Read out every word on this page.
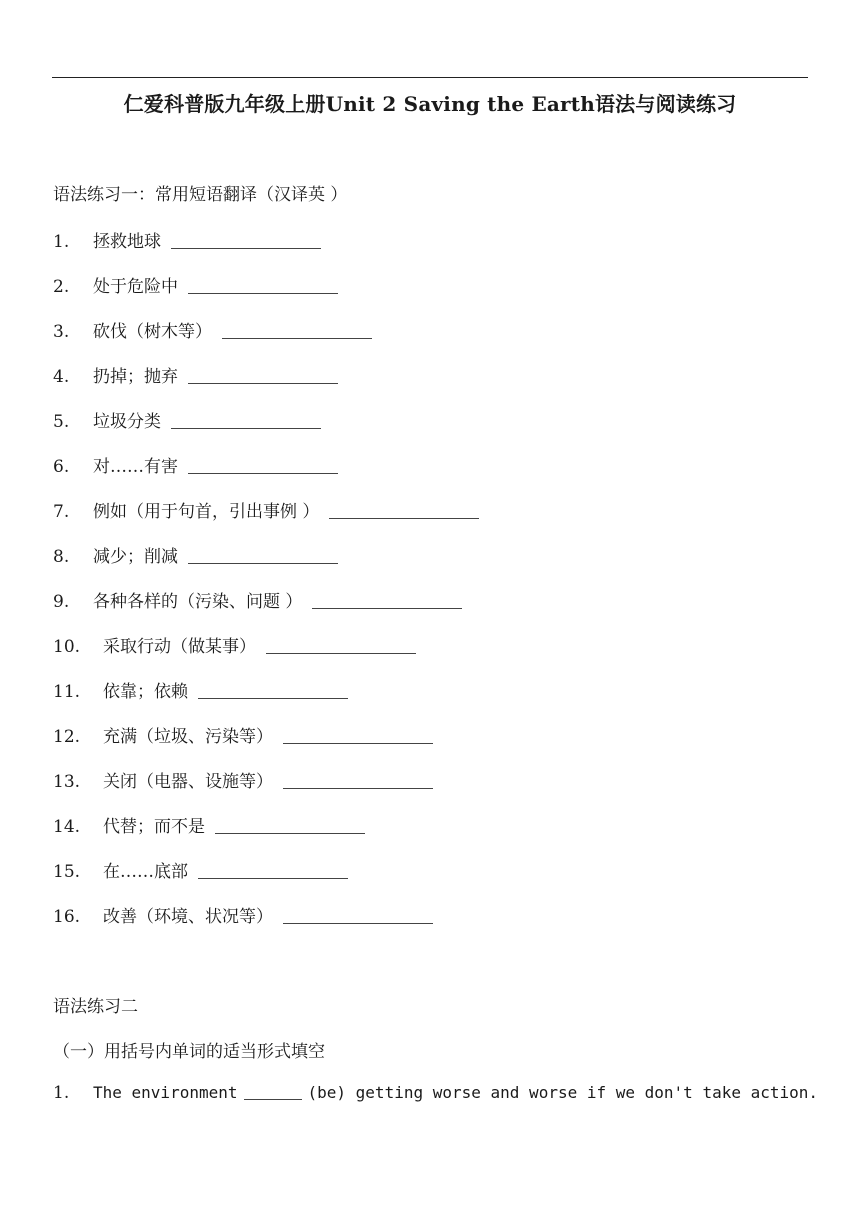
仁爱科普版九年级上册Unit 2 Saving the Earth语法与阅读练习
语法练习一：常用短语翻译（汉译英 ）
1. 拯救地球
2. 处于危险中
3. 砍伐（树木等）
4. 扔掉；抛弃
5. 垃圾分类
6. 对……有害
7. 例如（用于句首，引出事例 ）
8. 减少；削减
9. 各种各样的（污染、问题 ）
10. 采取行动（做某事）
11. 依靠；依赖
12. 充满（垃圾、污染等）
13. 关闭（电器、设施等）
14. 代替；而不是
15. 在……底部
16. 改善（环境、状况等）
语法练习二
（一）用括号内单词的适当形式填空
1. The environment	(be) getting worse and worse if we don't take action.
